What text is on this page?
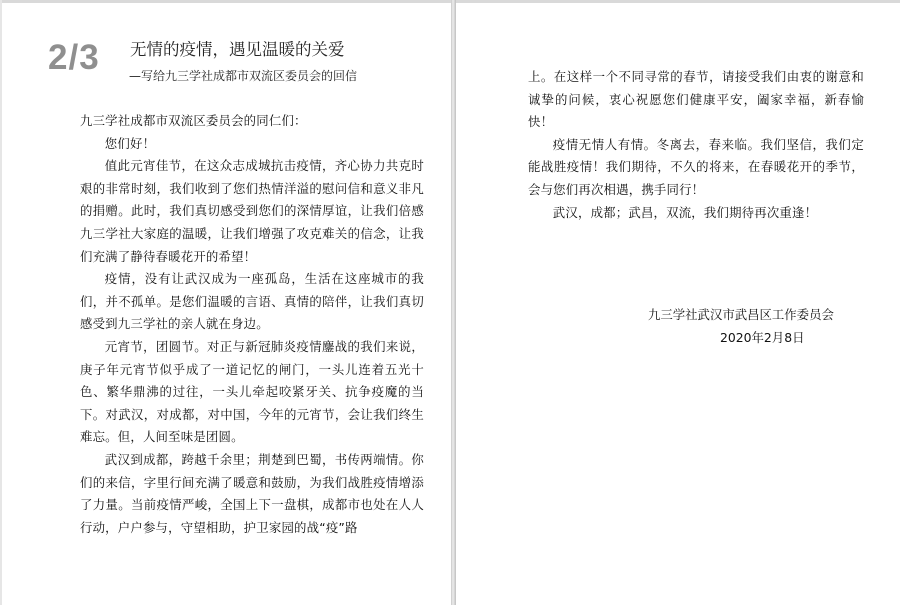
2/3 无情的疫情，遇见温暖的关爱
—写给九三学社成都市双流区委员会的回信

九三学社成都市双流区委员会的同仁们：

您们好！

值此元宵佳节，在这众志成城抗击疫情，齐心协力共克时艰的非常时刻，我们收到了您们热情洋溢的慰问信和意义非凡的捐赠。此时，我们真切感受到您们的深情厚谊，让我们倍感九三学社大家庭的温暖，让我们增强了攻克难关的信念，让我们充满了静待春暖花开的希望！

疫情，没有让武汉成为一座孤岛，生活在这座城市的我们，并不孤单。是您们温暖的言语、真情的陪伴，让我们真切感受到九三学社的亲人就在身边。

元宵节，团圆节。对正与新冠肺炎疫情鏖战的我们来说，庚子年元宵节似乎成了一道记忆的闸门，一头儿连着五光十色、繁华鼎沸的过往，一头儿牵起咬紧牙关、抗争疫魔的当下。对武汉，对成都，对中国，今年的元宵节，会让我们终生难忘。但，人间至味是团圆。

武汉到成都，跨越千余里；荆楚到巴蜀，书传两端情。你们的来信，字里行间充满了暖意和鼓励，为我们战胜疫情增添了力量。当前疫情严峻，全国上下一盘棋，成都市也处在人人行动，户户参与，守望相助，护卫家园的战“疫”路

上。在这样一个不同寻常的春节，请接受我们由衷的谢意和诚挚的问候，衷心祝愿您们健康平安，阖家幸福，新春愉快！

疫情无情人有情。冬离去，春来临。我们坚信，我们定能战胜疫情！我们期待，不久的将来，在春暖花开的季节，会与您们再次相遇，携手同行！

武汉，成都；武昌，双流，我们期待再次重逢！

九三学社武汉市武昌区工作委员会
2020年2月8日
